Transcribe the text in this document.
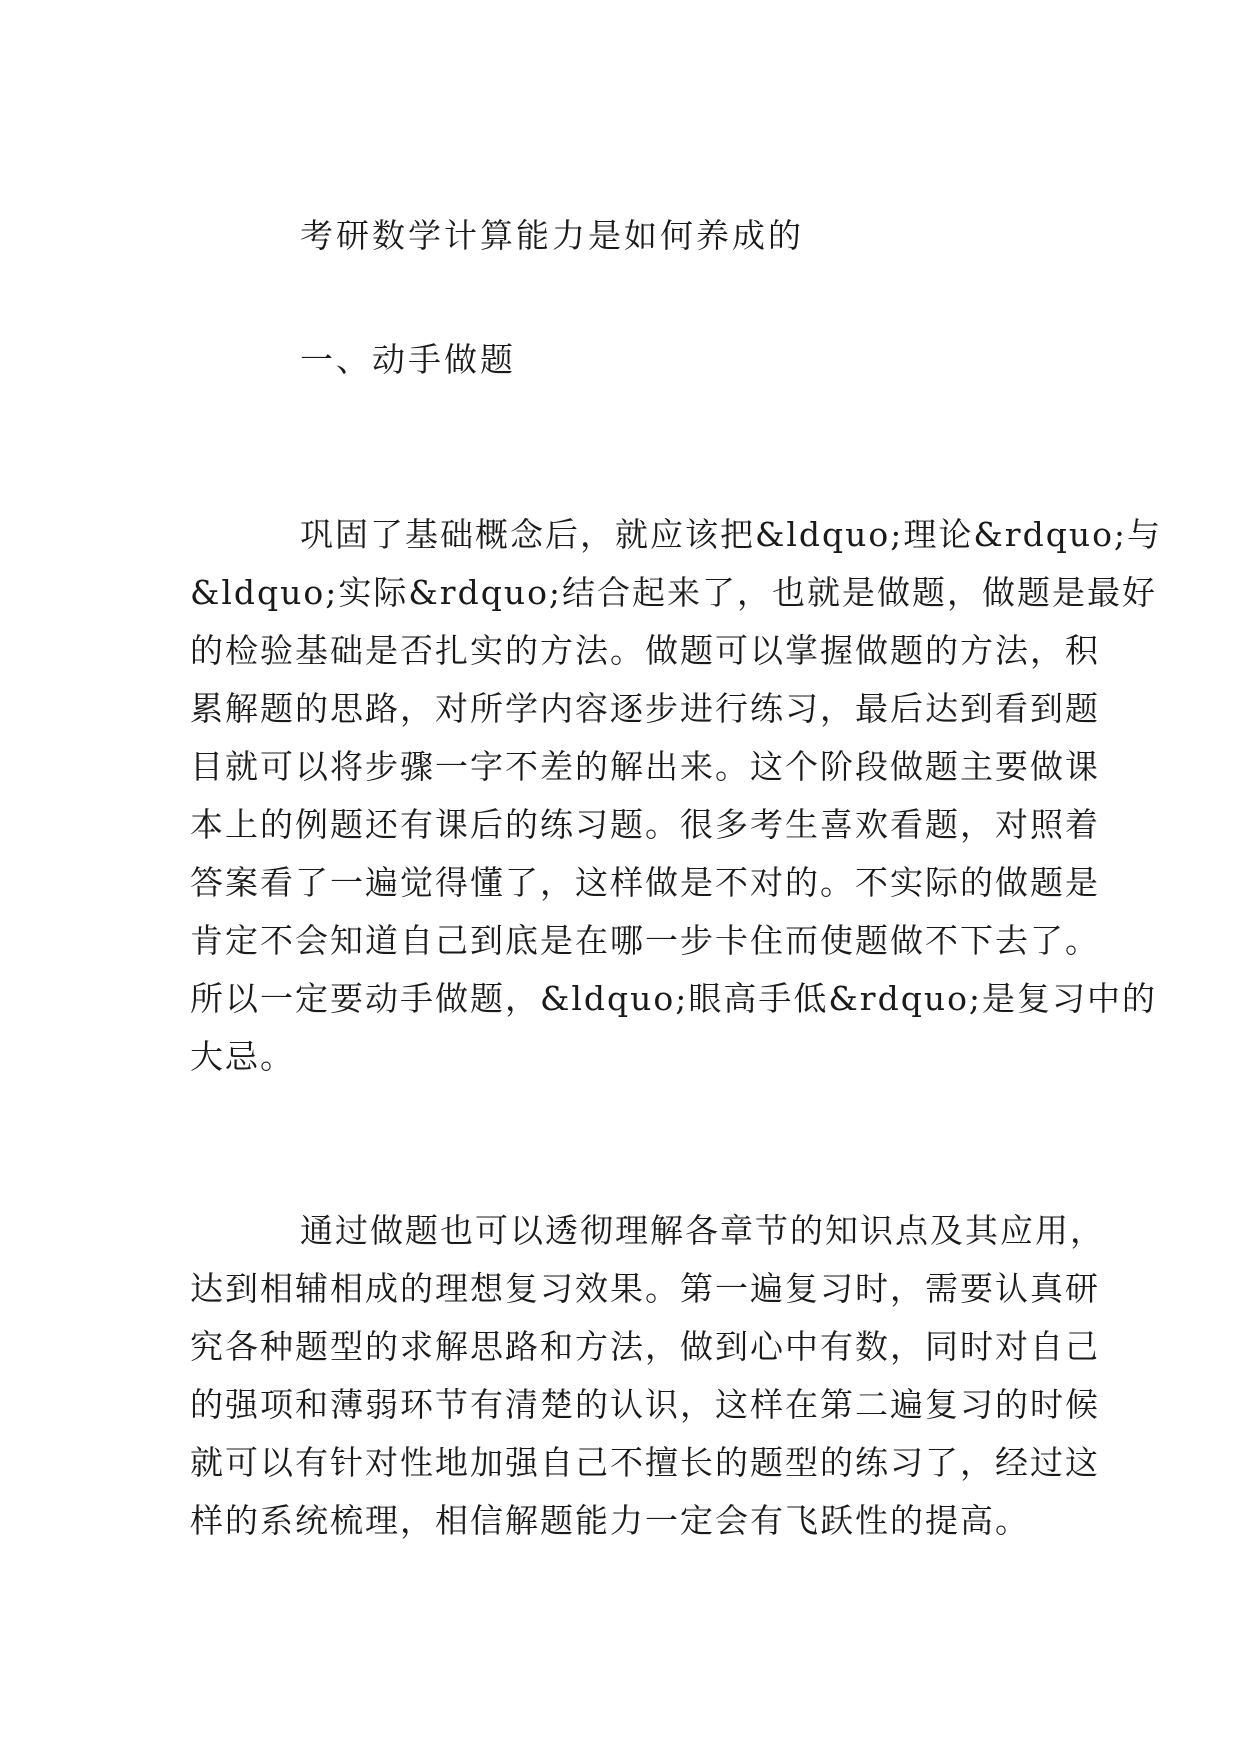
考研数学计算能力是如何养成的
一、动手做题
巩固了基础概念后，就应该把&ldquo;理论&rdquo;与
&ldquo;实际&rdquo;结合起来了，也就是做题，做题是最好
的检验基础是否扎实的方法。做题可以掌握做题的方法，积
累解题的思路，对所学内容逐步进行练习，最后达到看到题
目就可以将步骤一字不差的解出来。这个阶段做题主要做课
本上的例题还有课后的练习题。很多考生喜欢看题，对照着
答案看了一遍觉得懂了，这样做是不对的。不实际的做题是
肯定不会知道自己到底是在哪一步卡住而使题做不下去了。
所以一定要动手做题，&ldquo;眼高手低&rdquo;是复习中的
大忌。
通过做题也可以透彻理解各章节的知识点及其应用，
达到相辅相成的理想复习效果。第一遍复习时，需要认真研
究各种题型的求解思路和方法，做到心中有数，同时对自己
的强项和薄弱环节有清楚的认识，这样在第二遍复习的时候
就可以有针对性地加强自己不擅长的题型的练习了，经过这
样的系统梳理，相信解题能力一定会有飞跃性的提高。
